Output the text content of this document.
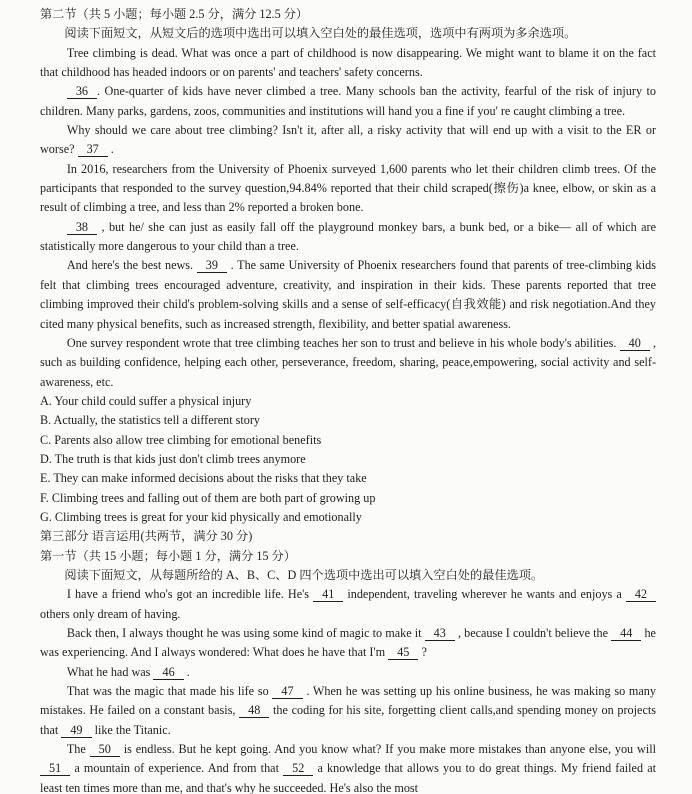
第二节（共 5 小题；每小题 2.5 分，满分 12.5 分）

阅读下面短文，从短文后的选项中选出可以填入空白处的最佳选项，选项中有两项为多余选项。

Tree climbing is dead. What was once a part of childhood is now disappearing. We might want to blame it on the fact that childhood has headed indoors or on parents' and teachers' safety concerns.

36 . One-quarter of kids have never climbed a tree. Many schools ban the activity, fearful of the risk of injury to children. Many parks, gardens, zoos, communities and institutions will hand you a fine if you' re caught climbing a tree.

Why should we care about tree climbing? Isn't it, after all, a risky activity that will end up with a visit to the ER or worse? 37 .

In 2016, researchers from the University of Phoenix surveyed 1,600 parents who let their children climb trees. Of the participants that responded to the survey question,94.84% reported that their child scraped(擦伤)a knee, elbow, or skin as a result of climbing a tree, and less than 2% reported a broken bone.

38 , but he/ she can just as easily fall off the playground monkey bars, a bunk bed, or a bike— all of which are statistically more dangerous to your child than a tree.

And here's the best news. 39 . The same University of Phoenix researchers found that parents of tree-climbing kids felt that climbing trees encouraged adventure, creativity, and inspiration in their kids. These parents reported that tree climbing improved their child's problem-solving skills and a sense of self-efficacy(自我效能) and risk negotiation.And they cited many physical benefits, such as increased strength, flexibility, and better spatial awareness.

One survey respondent wrote that tree climbing teaches her son to trust and believe in his whole body's abilities. 40 , such as building confidence, helping each other, perseverance, freedom, sharing, peace,empowering, social activity and self-awareness, etc.

A. Your child could suffer a physical injury

B. Actually, the statistics tell a different story

C. Parents also allow tree climbing for emotional benefits

D. The truth is that kids just don't climb trees anymore

E. They can make informed decisions about the risks that they take

F. Climbing trees and falling out of them are both part of growing up

G. Climbing trees is great for your kid physically and emotionally

第三部分 语言运用(共两节，满分 30 分)

第一节（共 15 小题；每小题 1 分，满分 15 分）

阅读下面短文，从每题所给的 A、B、C、D 四个选项中选出可以填入空白处的最佳选项。

I have a friend who's got an incredible life. He's 41 independent, traveling wherever he wants and enjoys a 42 others only dream of having.

Back then, I always thought he was using some kind of magic to make it 43 , because I couldn't believe the 44 he was experiencing. And I always wondered: What does he have that I'm 45 ?

What he had was 46 .

That was the magic that made his life so 47 . When he was setting up his online business, he was making so many mistakes. He failed on a constant basis, 48 the coding for his site, forgetting client calls,and spending money on projects that 49 like the Titanic.

The 50 is endless. But he kept going. And you know what? If you make more mistakes than anyone else, you will 51 a mountain of experience. And from that 52 a knowledge that allows you to do great things. My friend failed at least ten times more than me, and that's why he succeeded. He's also the most
